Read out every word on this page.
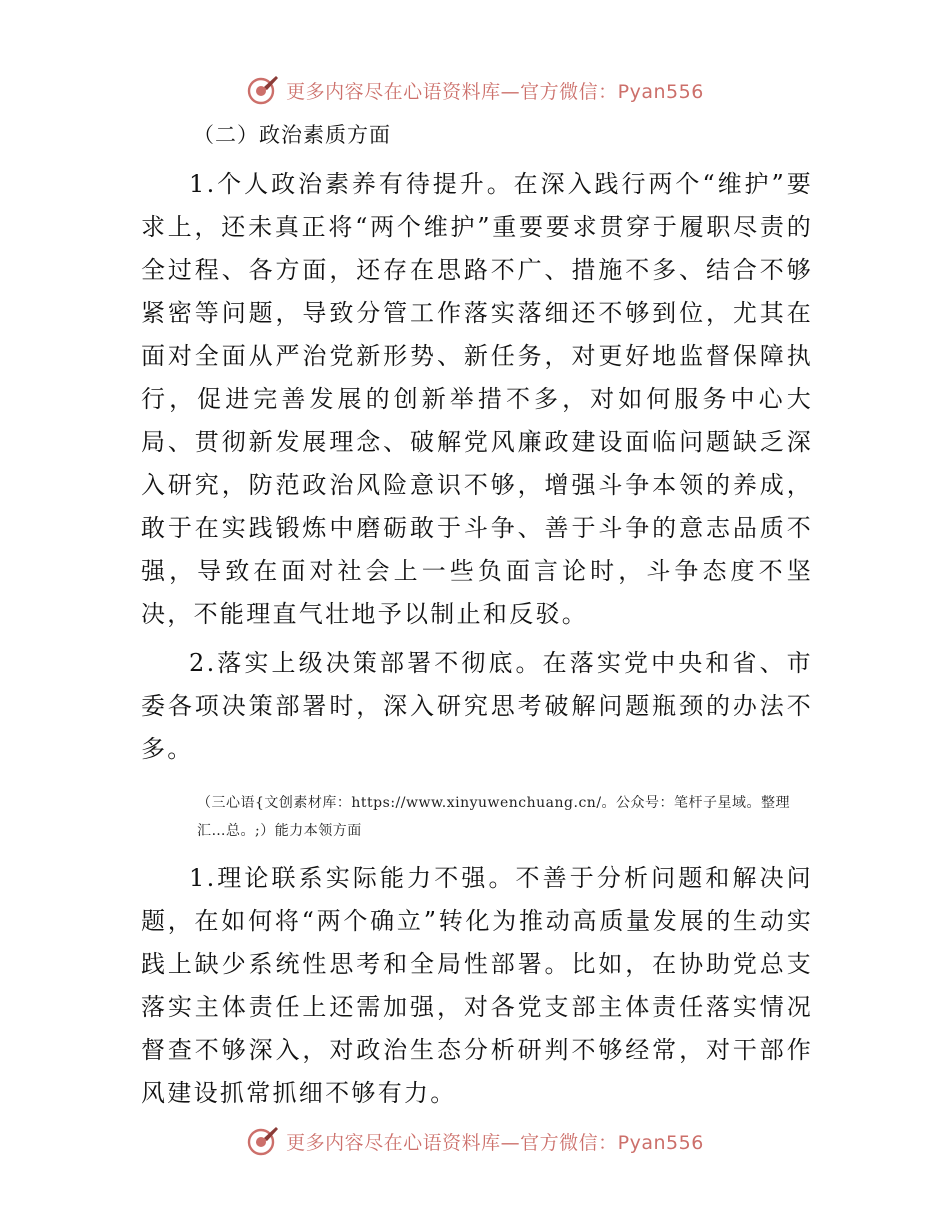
更多内容尽在心语资料库—官方微信：Pyan556
（二）政治素质方面

1.个人政治素养有待提升。在深入践行两个“维护”要求上，还未真正将“两个维护”重要要求贯穿于履职尽责的全过程、各方面，还存在思路不广、措施不多、结合不够紧密等问题，导致分管工作落实落细还不够到位，尤其在面对全面从严治党新形势、新任务，对更好地监督保障执行，促进完善发展的创新举措不多，对如何服务中心大局、贯彻新发展理念、破解党风廉政建设面临问题缺乏深入研究，防范政治风险意识不够，增强斗争本领的养成，敢于在实践锻炼中磨砺敢于斗争、善于斗争的意志品质不强，导致在面对社会上一些负面言论时，斗争态度不坚决，不能理直气壮地予以制止和反驳。

2.落实上级决策部署不彻底。在落实党中央和省、市委各项决策部署时，深入研究思考破解问题瓶颈的办法不多。

（三心语{文创素材库：https://www.xinyuwenchuang.cn/。公众号：笔杆子星域。整理汇…总。;）能力本领方面

1.理论联系实际能力不强。不善于分析问题和解决问题，在如何将“两个确立”转化为推动高质量发展的生动实践上缺少系统性思考和全局性部署。比如，在协助党总支落实主体责任上还需加强，对各党支部主体责任落实情况督查不够深入，对政治生态分析研判不够经常，对干部作风建设抓常抓细不够有力。

更多内容尽在心语资料库—官方微信：Pyan556
